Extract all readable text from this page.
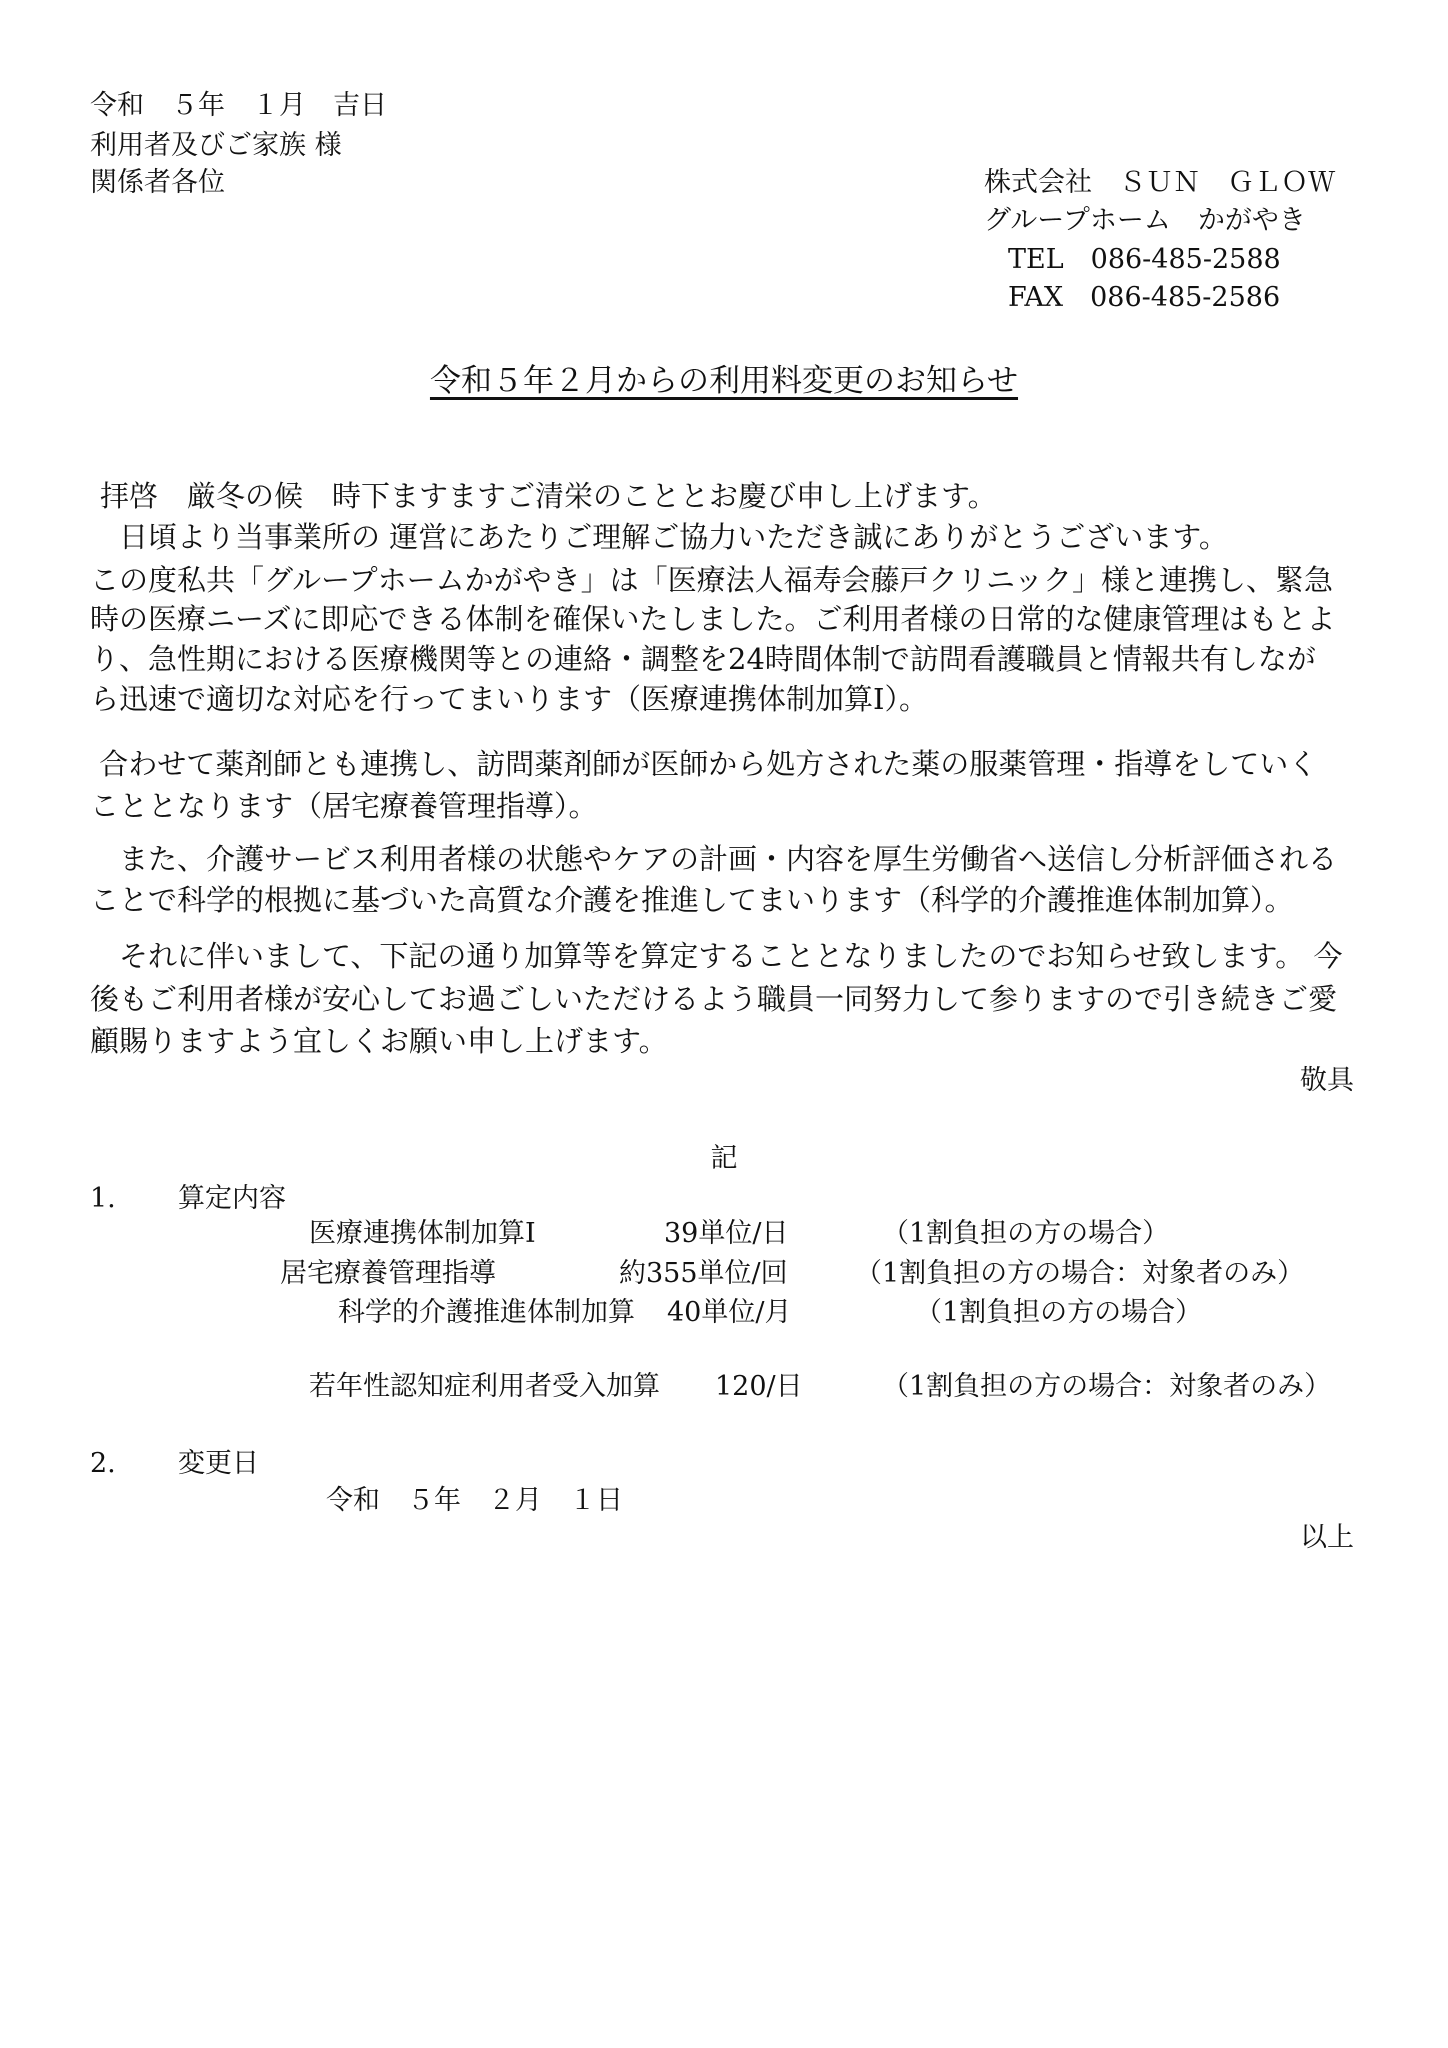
令和　５年　１月　吉日
利用者及びご家族 様
関係者各位	株式会社　ＳＵＮ　ＧＬＯＷ
グループホーム　かがやき
TEL　086-485-2588
FAX　086-485-2586
令和５年２月からの利用料変更のお知らせ
拝啓　厳冬の候　時下ますますご清栄のこととお慶び申し上げます。
　日頃より当事業所の 運営にあたりご理解ご協力いただき誠にありがとうございます。
この度私共「グループホームかがやき」は「医療法人福寿会藤戸クリニック」様と連携し、緊急
時の医療ニーズに即応できる体制を確保いたしました。ご利用者様の日常的な健康管理はもとよ
り、急性期における医療機関等との連絡・調整を24時間体制で訪問看護職員と情報共有しなが
ら迅速で適切な対応を行ってまいります（医療連携体制加算Ⅰ）。
合わせて薬剤師とも連携し、訪問薬剤師が医師から処方された薬の服薬管理・指導をしていく
こととなります（居宅療養管理指導）。
　また、介護サービス利用者様の状態やケアの計画・内容を厚生労働省へ送信し分析評価される
ことで科学的根拠に基づいた高質な介護を推進してまいります（科学的介護推進体制加算）。
　それに伴いまして、下記の通り加算等を算定することとなりましたのでお知らせ致します。 今
後もご利用者様が安心してお過ごしいただけるよう職員一同努力して参りますので引き続きご愛
顧賜りますよう宜しくお願い申し上げます。
敬具
記
1. 算定内容
医療連携体制加算Ⅰ	39単位/日	（1割負担の方の場合）
居宅療養管理指導	約355単位/回 （1割負担の方の場合：対象者のみ）
科学的介護推進体制加算 40単位/月	（1割負担の方の場合）
若年性認知症利用者受入加算 120/日	（1割負担の方の場合：対象者のみ）
2. 変更日
令和　５年　２月　１日
以上
